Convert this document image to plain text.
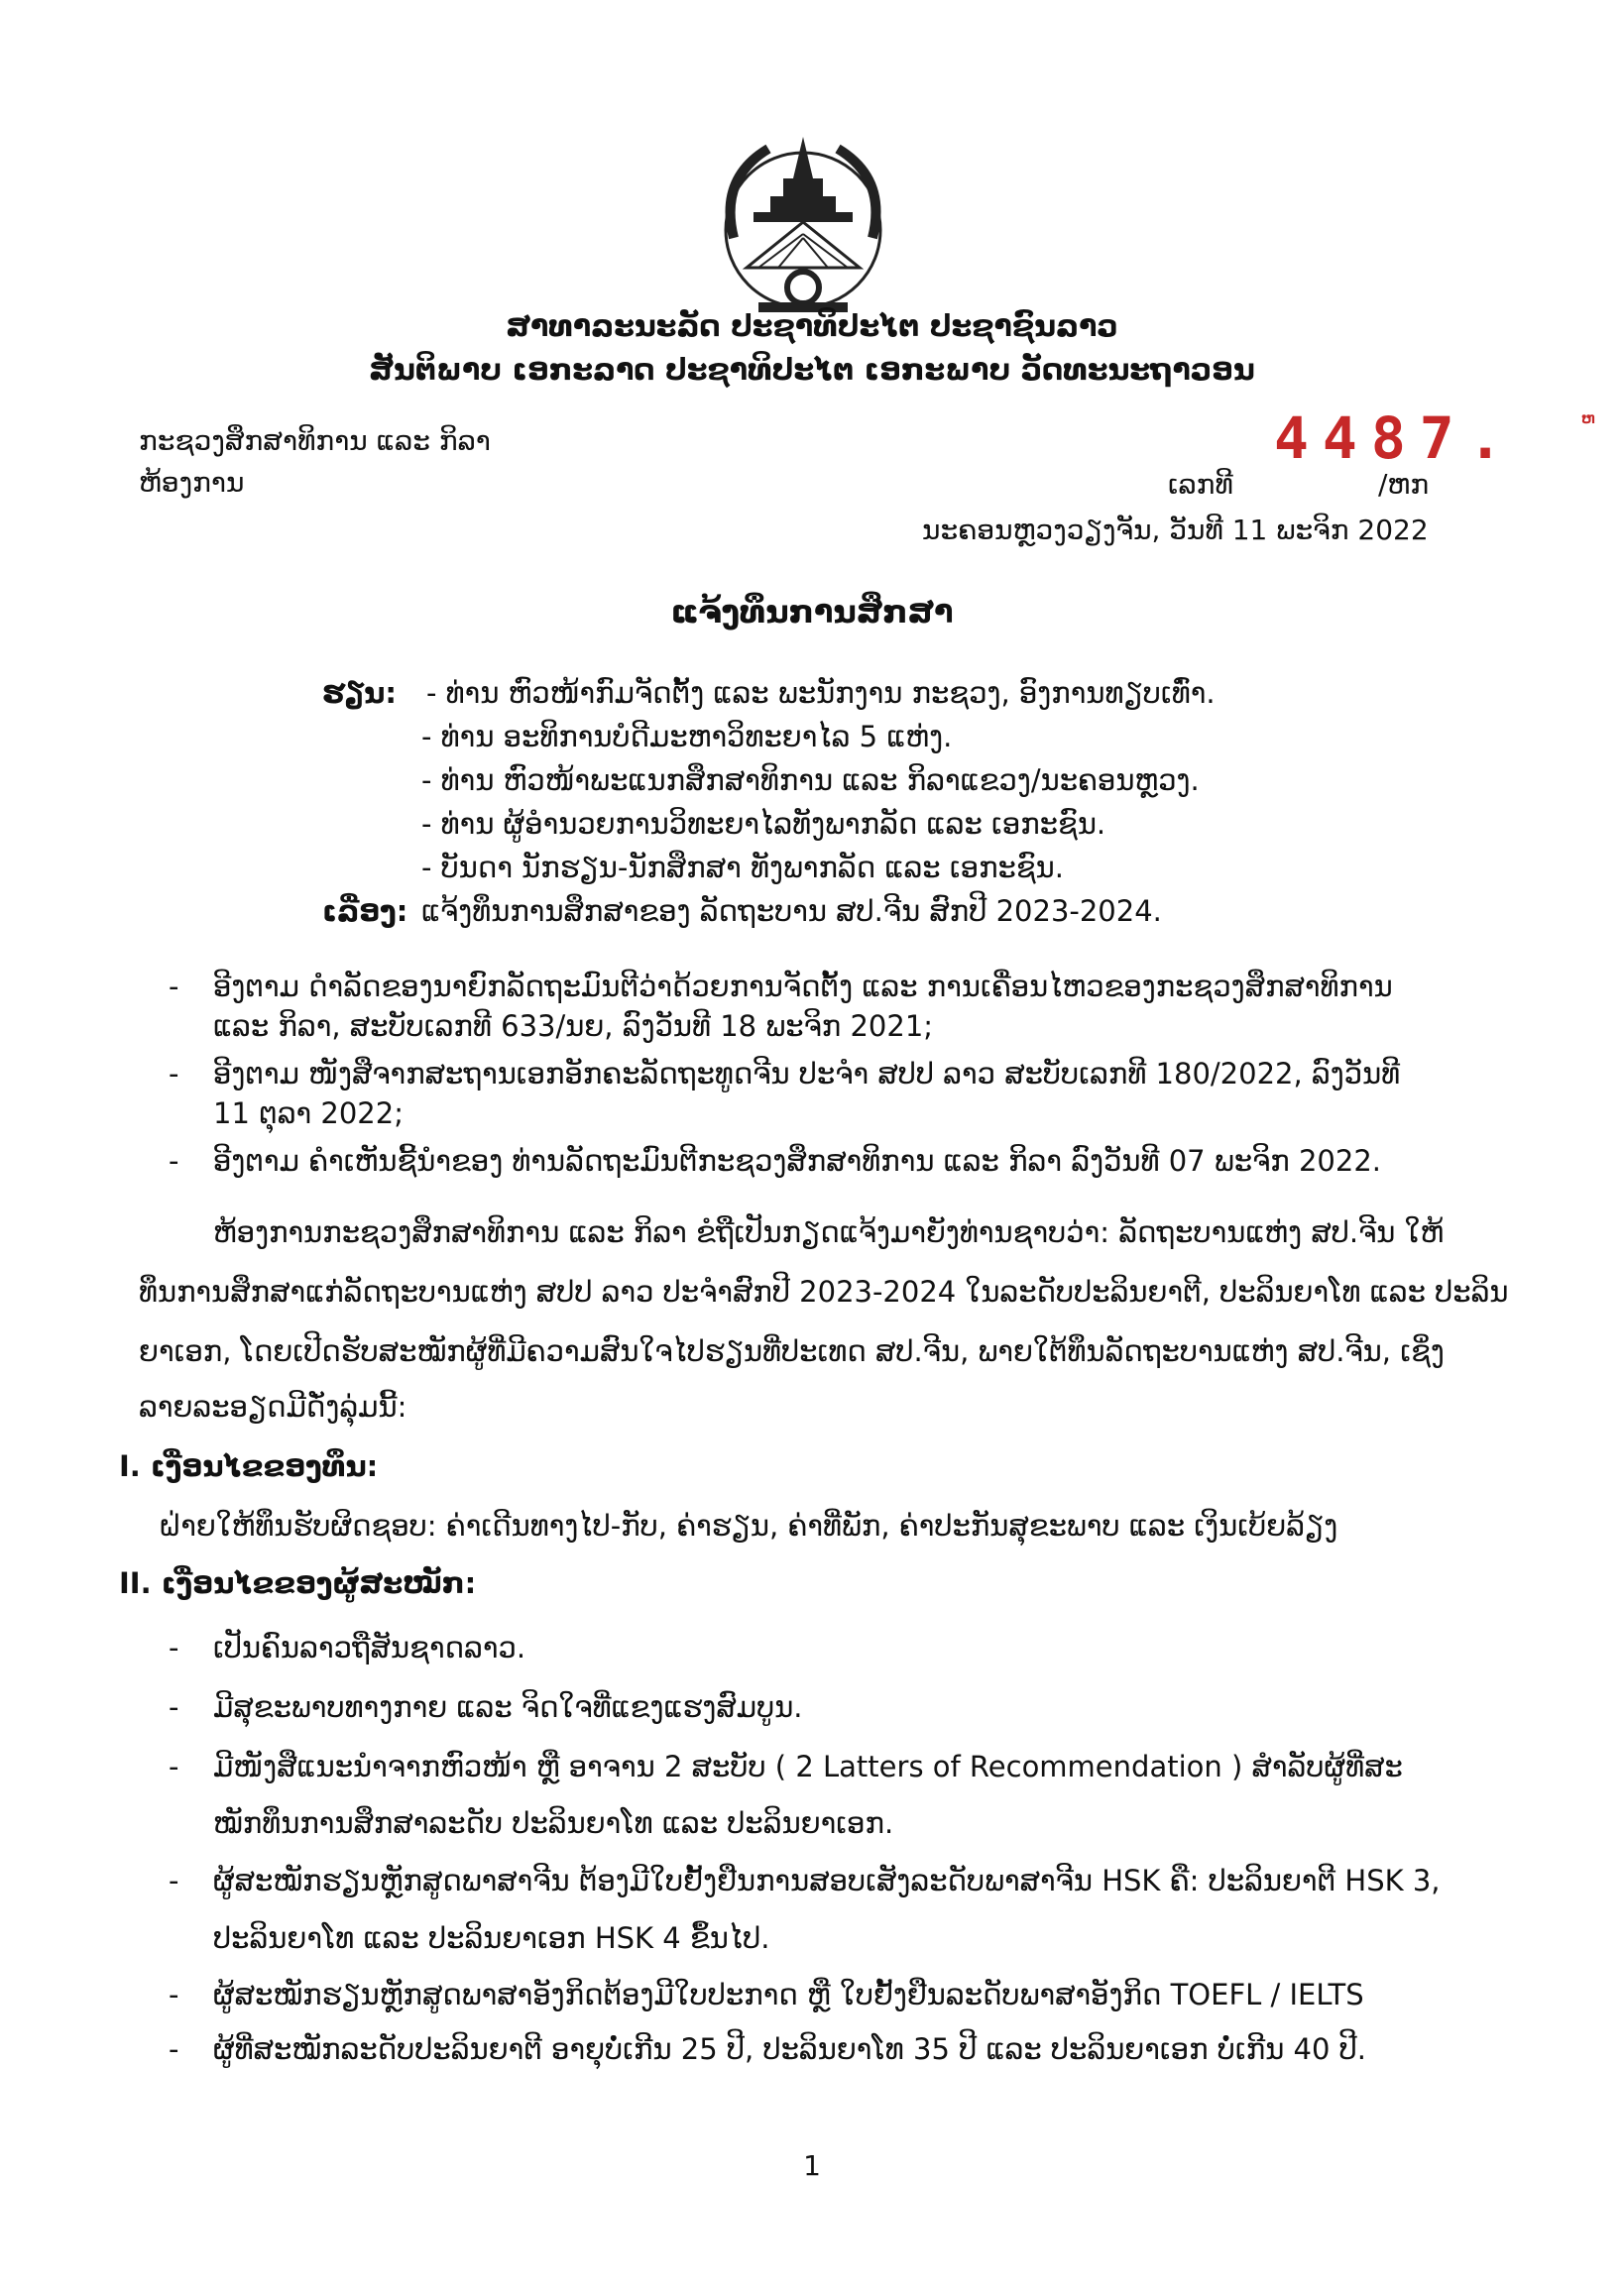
ສາທາລະນະລັດ ປະຊາທິປະໄຕ ປະຊາຊົນລາວ
ສັນຕິພາບ ເອກະລາດ ປະຊາທິປະໄຕ ເອກະພາບ ວັດທະນະຖາວອນ
ກະຊວງສຶກສາທິການ ແລະ ກິລາ
ຫ້ອງການ
4487.	ຫ
ເລກທີ	/ຫກ
ນະຄອນຫຼວງວຽງຈັນ, ວັນທີ 11 ພະຈິກ 2022
ແຈ້ງທຶນການສຶກສາ
ຮຽນ: - ທ່ານ ຫົວໜ້າກົມຈັດຕັ້ງ ແລະ ພະນັກງານ ກະຊວງ, ອົງການທຽບເທົ່າ.
- ທ່ານ ອະທິການບໍດີມະຫາວິທະຍາໄລ 5 ແຫ່ງ.
- ທ່ານ ຫົວໜ້າພະແນກສຶກສາທິການ ແລະ ກິລາແຂວງ/ນະຄອນຫຼວງ.
- ທ່ານ ຜູ້ອຳນວຍການວິທະຍາໄລທັງພາກລັດ ແລະ ເອກະຊົນ.
- ບັນດາ ນັກຮຽນ-ນັກສຶກສາ ທັງພາກລັດ ແລະ ເອກະຊົນ.
ເລື່ອງ: ແຈ້ງທຶນການສຶກສາຂອງ ລັດຖະບານ ສປ.ຈີນ ສົກປີ 2023-2024.
- ອີງຕາມ ດຳລັດຂອງນາຍົກລັດຖະມົນຕີວ່າດ້ວຍການຈັດຕັ້ງ ແລະ ການເຄື່ອນໄຫວຂອງກະຊວງສຶກສາທິການ
ແລະ ກິລາ, ສະບັບເລກທີ 633/ນຍ, ລົງວັນທີ 18 ພະຈິກ 2021;
- ອີງຕາມ ໜັງສືຈາກສະຖານເອກອັກຄະລັດຖະທູດຈີນ ປະຈຳ ສປປ ລາວ ສະບັບເລກທີ 180/2022, ລົງວັນທີ
11 ຕຸລາ 2022;
- ອີງຕາມ ຄຳເຫັນຊີ້ນຳຂອງ ທ່ານລັດຖະມົນຕີກະຊວງສຶກສາທິການ ແລະ ກິລາ ລົງວັນທີ 07 ພະຈິກ 2022.
ຫ້ອງການກະຊວງສຶກສາທິການ ແລະ ກິລາ ຂໍຖືເປັນກຽດແຈ້ງມາຍັງທ່ານຊາບວ່າ: ລັດຖະບານແຫ່ງ ສປ.ຈີນ ໃຫ້
ທຶນການສຶກສາແກ່ລັດຖະບານແຫ່ງ ສປປ ລາວ ປະຈຳສົກປີ 2023-2024 ໃນລະດັບປະລິນຍາຕີ, ປະລິນຍາໂທ ແລະ ປະລິນ
ຍາເອກ, ໂດຍເປີດຮັບສະໝັກຜູ້ທີ່ມີຄວາມສົນໃຈໄປຮຽນທີ່ປະເທດ ສປ.ຈີນ, ພາຍໃຕ້ທຶນລັດຖະບານແຫ່ງ ສປ.ຈີນ, ເຊິ່ງ
ລາຍລະອຽດມີດັ່ງລຸ່ມນີ້:
I. ເງື່ອນໄຂຂອງທຶນ:
ຝ່າຍໃຫ້ທຶນຮັບຜິດຊອບ: ຄ່າເດີນທາງໄປ-ກັບ, ຄ່າຮຽນ, ຄ່າທີ່ພັກ, ຄ່າປະກັນສຸຂະພາບ ແລະ ເງິນເບ້ຍລ້ຽງ
II. ເງື່ອນໄຂຂອງຜູ້ສະໝັກ:
- ເປັນຄົນລາວຖືສັນຊາດລາວ.
- ມີສຸຂະພາບທາງກາຍ ແລະ ຈິດໃຈທີ່ແຂງແຮງສົມບູນ.
- ມີໜັງສືແນະນຳຈາກຫົວໜ້າ ຫຼື ອາຈານ 2 ສະບັບ ( 2 Latters of Recommendation ) ສຳລັບຜູ້ທີ່ສະ
ໝັກທຶນການສຶກສາລະດັບ ປະລິນຍາໂທ ແລະ ປະລິນຍາເອກ.
- ຜູ້ສະໝັກຮຽນຫຼັກສູດພາສາຈີນ ຕ້ອງມີໃບຢັ້ງຢືນການສອບເສັງລະດັບພາສາຈີນ HSK ຄື: ປະລິນຍາຕີ HSK 3,
ປະລິນຍາໂທ ແລະ ປະລິນຍາເອກ HSK 4 ຂຶ້ນໄປ.
- ຜູ້ສະໝັກຮຽນຫຼັກສູດພາສາອັງກິດຕ້ອງມີໃບປະກາດ ຫຼື ໃບຢັ້ງຢືນລະດັບພາສາອັງກິດ TOEFL / IELTS
- ຜູ້ທີ່ສະໝັກລະດັບປະລິນຍາຕີ ອາຍຸບໍ່ເກີນ 25 ປີ, ປະລິນຍາໂທ 35 ປີ ແລະ ປະລິນຍາເອກ ບໍ່ເກີນ 40 ປີ.
1
